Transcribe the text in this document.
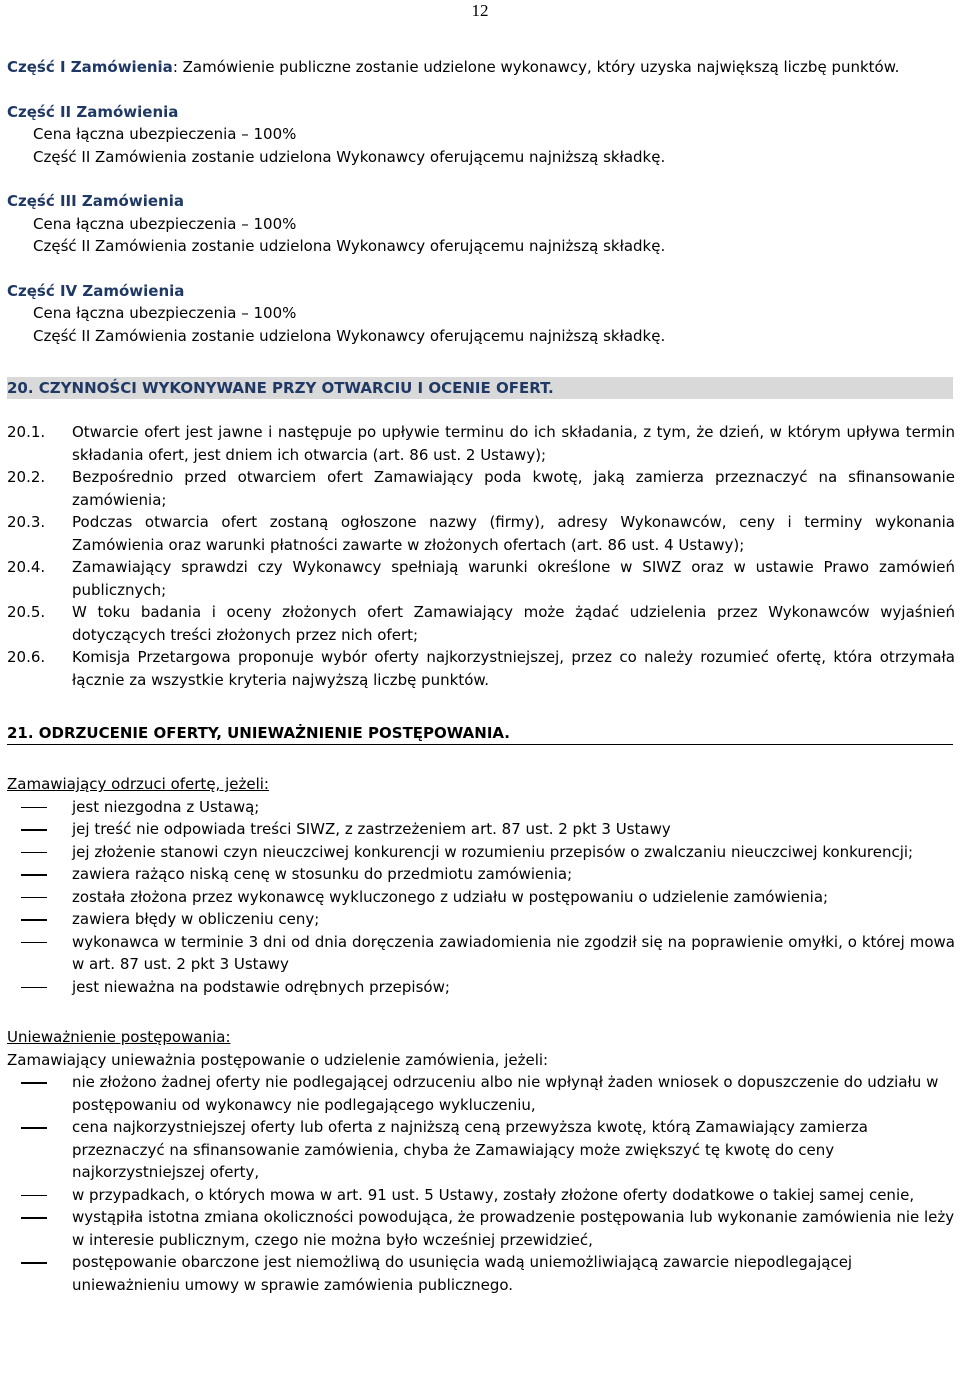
12
Część I Zamówienia: Zamówienie publiczne zostanie udzielone wykonawcy, który uzyska największą liczbę punktów.
Część II Zamówienia
Cena łączna ubezpieczenia – 100%
Część II Zamówienia zostanie udzielona Wykonawcy oferującemu najniższą składkę.
Część III Zamówienia
Cena łączna ubezpieczenia – 100%
Część II Zamówienia zostanie udzielona Wykonawcy oferującemu najniższą składkę.
Część IV Zamówienia
Cena łączna ubezpieczenia – 100%
Część II Zamówienia zostanie udzielona Wykonawcy oferującemu najniższą składkę.
20. CZYNNOŚCI WYKONYWANE PRZY OTWARCIU I OCENIE OFERT.
20.1.	Otwarcie ofert jest jawne i następuje po upływie terminu do ich składania, z tym, że dzień, w którym upływa termin składania ofert, jest dniem ich otwarcia (art. 86 ust. 2 Ustawy);
20.2.	Bezpośrednio przed otwarciem ofert Zamawiający poda kwotę, jaką zamierza przeznaczyć na sfinansowanie zamówienia;
20.3.	Podczas otwarcia ofert zostaną ogłoszone nazwy (firmy), adresy Wykonawców, ceny i terminy wykonania Zamówienia oraz warunki płatności zawarte w złożonych ofertach (art. 86 ust. 4 Ustawy);
20.4.	Zamawiający sprawdzi czy Wykonawcy spełniają warunki określone w SIWZ oraz w ustawie Prawo zamówień publicznych;
20.5.	W toku badania i oceny złożonych ofert Zamawiający może żądać udzielenia przez Wykonawców wyjaśnień dotyczących treści złożonych przez nich ofert;
20.6.	Komisja Przetargowa proponuje wybór oferty najkorzystniejszej, przez co należy rozumieć ofertę, która otrzymała łącznie za wszystkie kryteria najwyższą liczbę punktów.
21. ODRZUCENIE OFERTY, UNIEWAŻNIENIE POSTĘPOWANIA.
Zamawiający odrzuci ofertę, jeżeli:
jest niezgodna z Ustawą;
jej treść nie odpowiada treści SIWZ, z zastrzeżeniem art. 87 ust. 2 pkt 3 Ustawy
jej złożenie stanowi czyn nieuczciwej konkurencji w rozumieniu przepisów o zwalczaniu nieuczciwej konkurencji;
zawiera rażąco niską cenę w stosunku do przedmiotu zamówienia;
została złożona przez wykonawcę wykluczonego z udziału w postępowaniu o udzielenie zamówienia;
zawiera błędy w obliczeniu ceny;
wykonawca w terminie 3 dni od dnia doręczenia zawiadomienia nie zgodził się na poprawienie omyłki, o której mowa w art. 87 ust. 2 pkt 3 Ustawy
jest nieważna na podstawie odrębnych przepisów;
Unieważnienie postępowania:
Zamawiający unieważnia postępowanie o udzielenie zamówienia, jeżeli:
nie złożono żadnej oferty nie podlegającej odrzuceniu albo nie wpłynął żaden wniosek o dopuszczenie do udziału w postępowaniu od wykonawcy nie podlegającego wykluczeniu,
cena najkorzystniejszej oferty lub oferta z najniższą ceną przewyższa kwotę, którą Zamawiający zamierza przeznaczyć na sfinansowanie zamówienia, chyba że Zamawiający może zwiększyć tę kwotę do ceny najkorzystniejszej oferty,
w przypadkach, o których mowa w art. 91 ust. 5 Ustawy, zostały złożone oferty dodatkowe o takiej samej cenie,
wystąpiła istotna zmiana okoliczności powodująca, że prowadzenie postępowania lub wykonanie zamówienia nie leży w interesie publicznym, czego nie można było wcześniej przewidzieć,
postępowanie obarczone jest niemożliwą do usunięcia wadą uniemożliwiającą zawarcie niepodlegającej unieważnieniu umowy w sprawie zamówienia publicznego.
